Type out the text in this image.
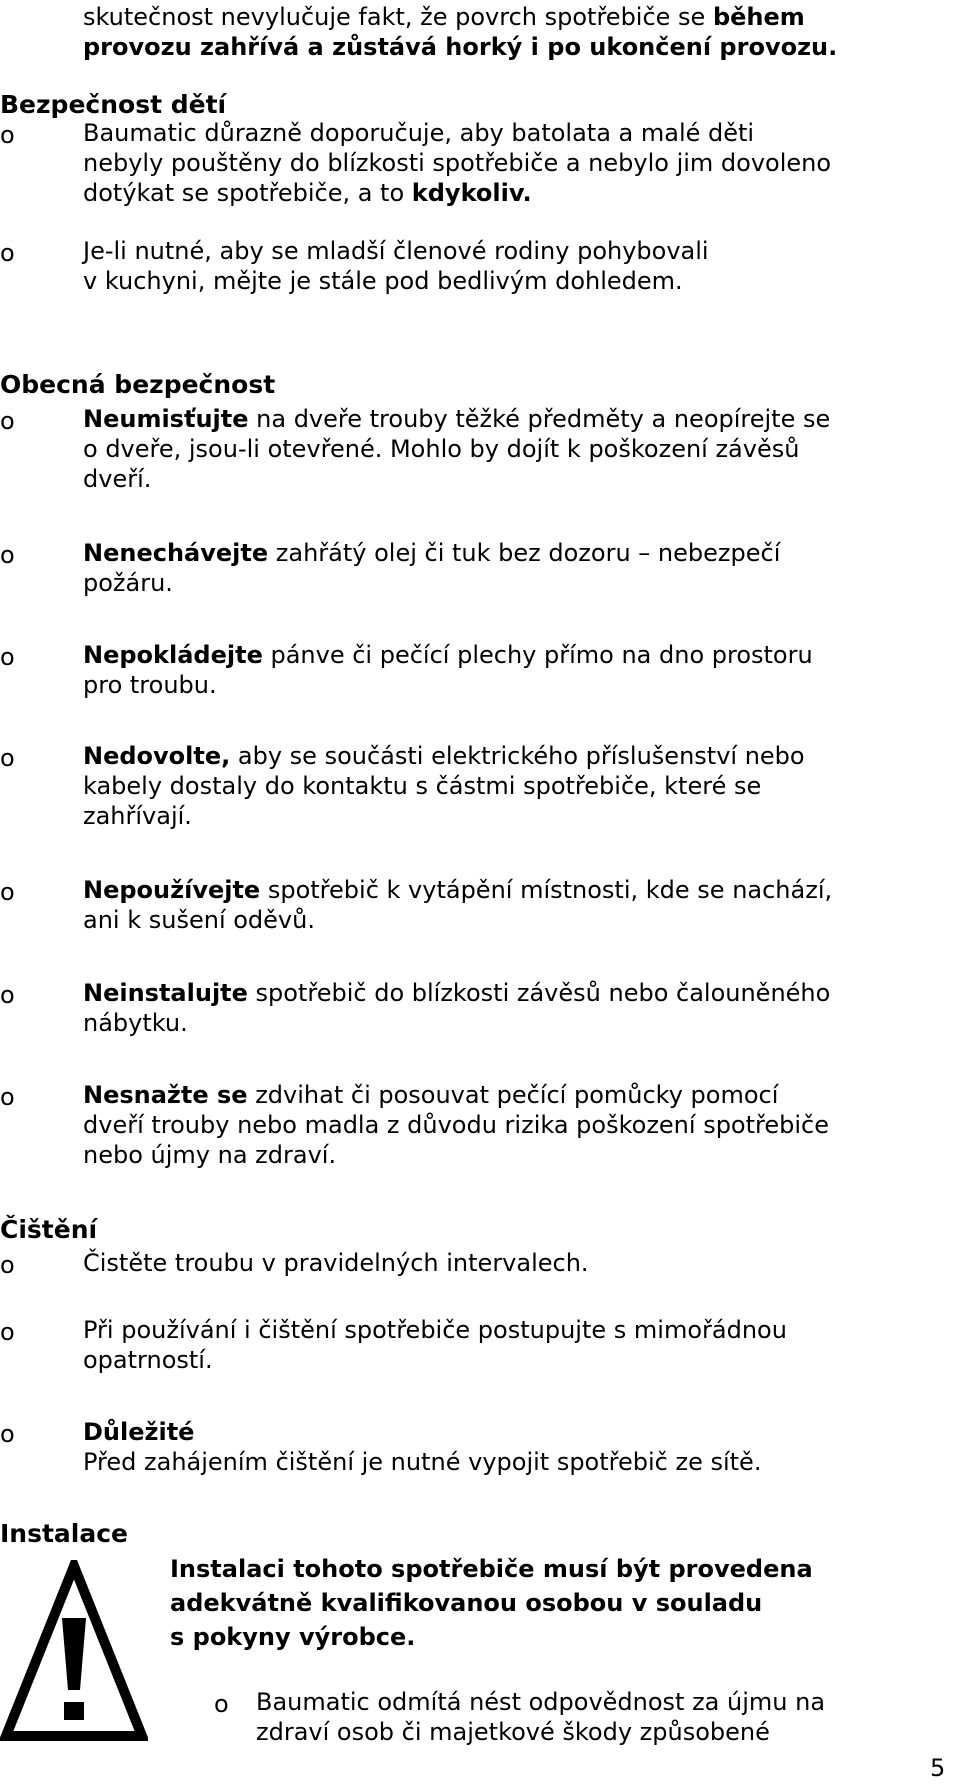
skutečnost nevylučuje fakt, že povrch spotřebiče se během
provozu zahřívá a zůstává horký i po ukončení provozu.
Bezpečnost dětí
o	Baumatic důrazně doporučuje, aby batolata a malé děti
nebyly pouštěny do blízkosti spotřebiče a nebylo jim dovoleno
dotýkat se spotřebiče, a to kdykoliv.
o	Je-li nutné, aby se mladší členové rodiny pohybovali
v kuchyni, mějte je stále pod bedlivým dohledem.
Obecná bezpečnost
o	Neumisťujte na dveře trouby těžké předměty a neopírejte se
o dveře, jsou-li otevřené. Mohlo by dojít k poškození závěsů
dveří.
o	Nenechávejte zahřátý olej či tuk bez dozoru – nebezpečí
požáru.
o	Nepokládejte pánve či pečící plechy přímo na dno prostoru
pro troubu.
o	Nedovolte, aby se součásti elektrického příslušenství nebo
kabely dostaly do kontaktu s částmi spotřebiče, které se
zahřívají.
o	Nepoužívejte spotřebič k vytápění místnosti, kde se nachází,
ani k sušení oděvů.
o	Neinstalujte spotřebič do blízkosti závěsů nebo čalouněného
nábytku.
o	Nesnažte se zdvihat či posouvat pečící pomůcky pomocí
dveří trouby nebo madla z důvodu rizika poškození spotřebiče
nebo újmy na zdraví.
Čištění
o	Čistěte troubu v pravidelných intervalech.
o	Při používání i čištění spotřebiče postupujte s mimořádnou
opatrností.
o	Důležité
Před zahájením čištění je nutné vypojit spotřebič ze sítě.
Instalace
Instalaci tohoto spotřebiče musí být provedena
adekvátně kvalifikovanou osobou v souladu
s pokyny výrobce.
o	Baumatic odmítá nést odpovědnost za újmu na
zdraví osob či majetkové škody způsobené
5
